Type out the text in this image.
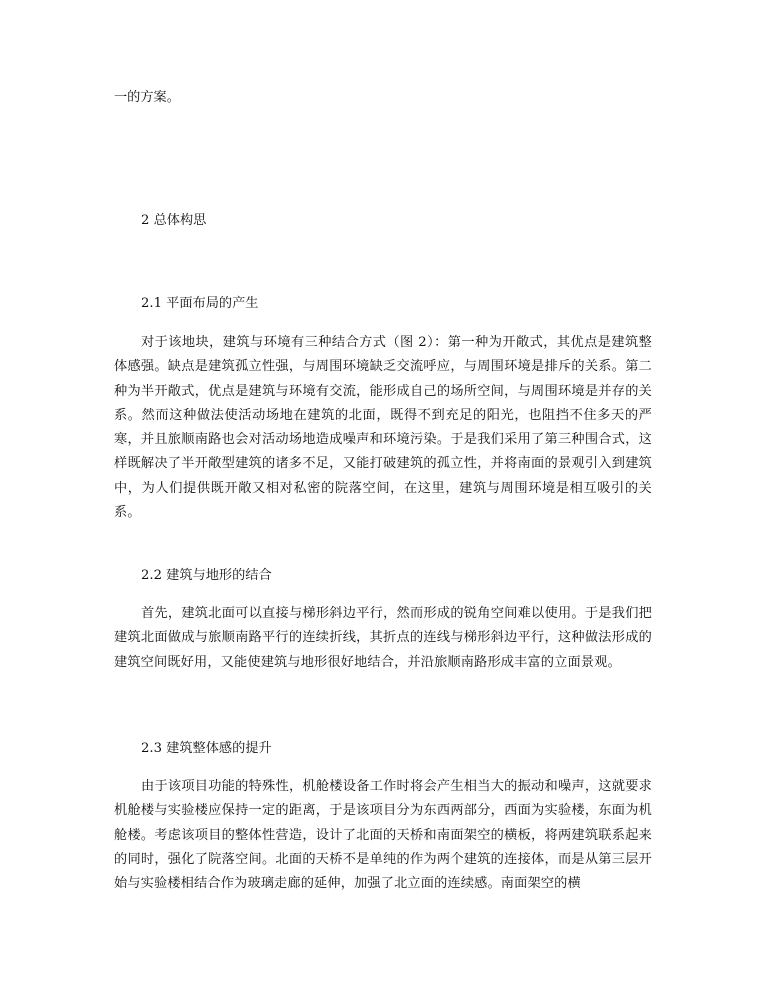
一的方案。
2 总体构思
2.1 平面布局的产生
对于该地块，建筑与环境有三种结合方式（图 2）：第一种为开敞式，其优点是建筑整体感强。缺点是建筑孤立性强，与周围环境缺乏交流呼应，与周围环境是排斥的关系。第二种为半开敞式，优点是建筑与环境有交流，能形成自己的场所空间，与周围环境是并存的关系。然而这种做法使活动场地在建筑的北面，既得不到充足的阳光，也阻挡不住多天的严寒，并且旅顺南路也会对活动场地造成噪声和环境污染。于是我们采用了第三种围合式，这样既解决了半开敞型建筑的诸多不足，又能打破建筑的孤立性，并将南面的景观引入到建筑中，为人们提供既开敞又相对私密的院落空间，在这里，建筑与周围环境是相互吸引的关系。
2.2 建筑与地形的结合
首先，建筑北面可以直接与梯形斜边平行，然而形成的锐角空间难以使用。于是我们把建筑北面做成与旅顺南路平行的连续折线，其折点的连线与梯形斜边平行，这种做法形成的建筑空间既好用，又能使建筑与地形很好地结合，并沿旅顺南路形成丰富的立面景观。
2.3 建筑整体感的提升
由于该项目功能的特殊性，机舱楼设备工作时将会产生相当大的振动和噪声，这就要求机舱楼与实验楼应保持一定的距离，于是该项目分为东西两部分，西面为实验楼，东面为机舱楼。考虑该项目的整体性营造，设计了北面的天桥和南面架空的横板，将两建筑联系起来的同时，强化了院落空间。北面的天桥不是单纯的作为两个建筑的连接体，而是从第三层开始与实验楼相结合作为玻璃走廊的延伸，加强了北立面的连续感。南面架空的横
